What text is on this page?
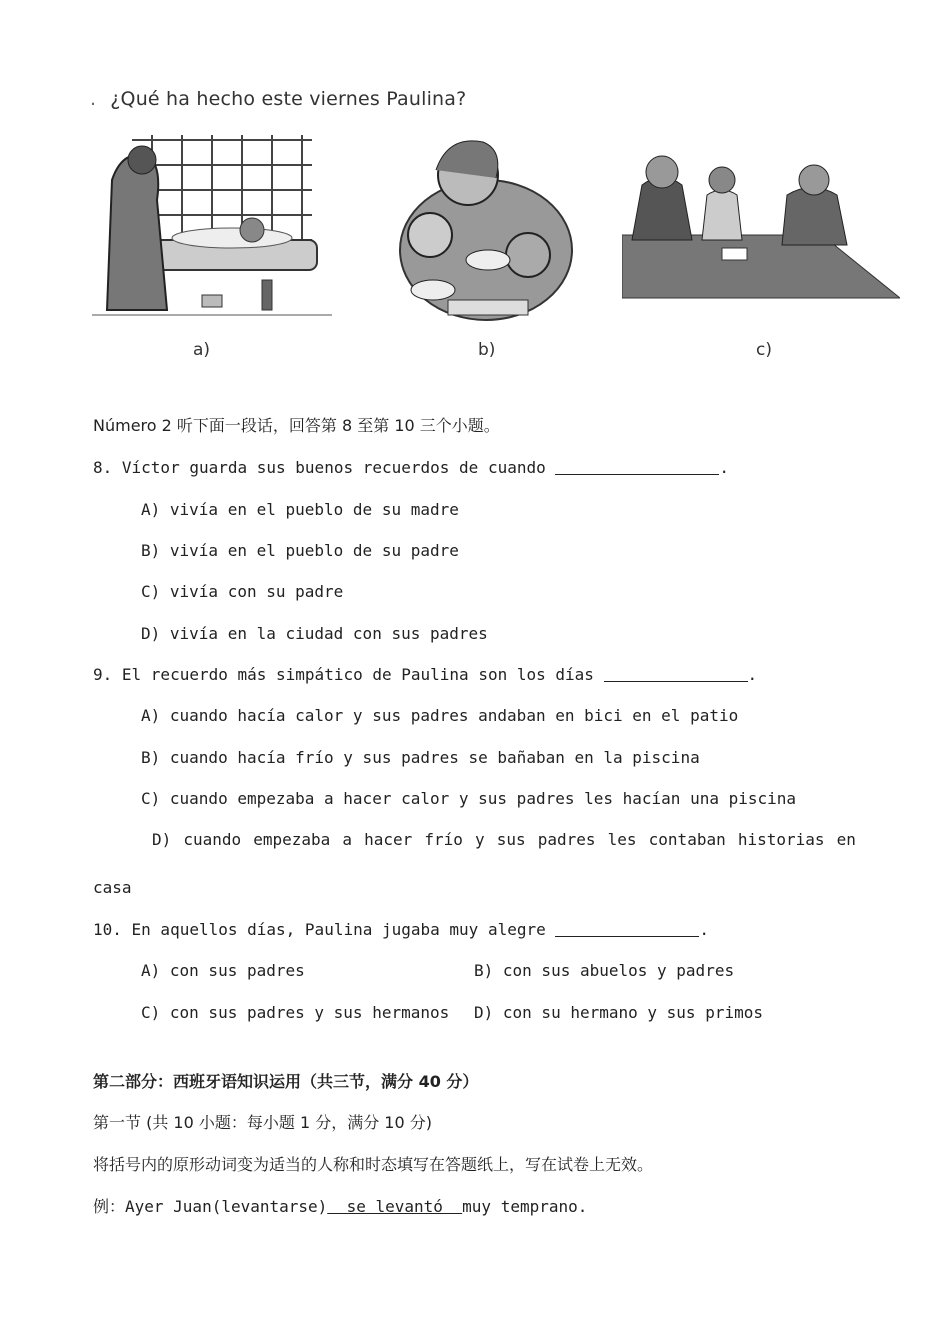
. ¿Qué ha hecho este viernes Paulina?
a)	b)	c)
Número 2 听下面一段话，回答第 8 至第 10 三个小题。
8. Víctor guarda sus buenos recuerdos de cuando	.
A) vivía en el pueblo de su madre
B) vivía en el pueblo de su padre
C) vivía con su padre
D) vivía en la ciudad con sus padres
9. El recuerdo más simpático de Paulina son los días	.
A) cuando hacía calor y sus padres andaban en bici en el patio
B) cuando hacía frío y sus padres se bañaban en la piscina
C) cuando empezaba a hacer calor y sus padres les hacían una piscina
D) cuando empezaba a hacer frío y sus padres les contaban historias en
casa
10. En aquellos días, Paulina jugaba muy alegre	.
A) con sus padres	B) con sus abuelos y padres
C) con sus padres y sus hermanos D) con su hermano y sus primos
第二部分：西班牙语知识运用（共三节，满分 40 分）
第一节 (共 10 小题：每小题 1 分，满分 10 分)
将括号内的原形动词变为适当的人称和时态填写在答题纸上，写在试卷上无效。
例：Ayer Juan(levantarse)  se levantó  muy temprano.
